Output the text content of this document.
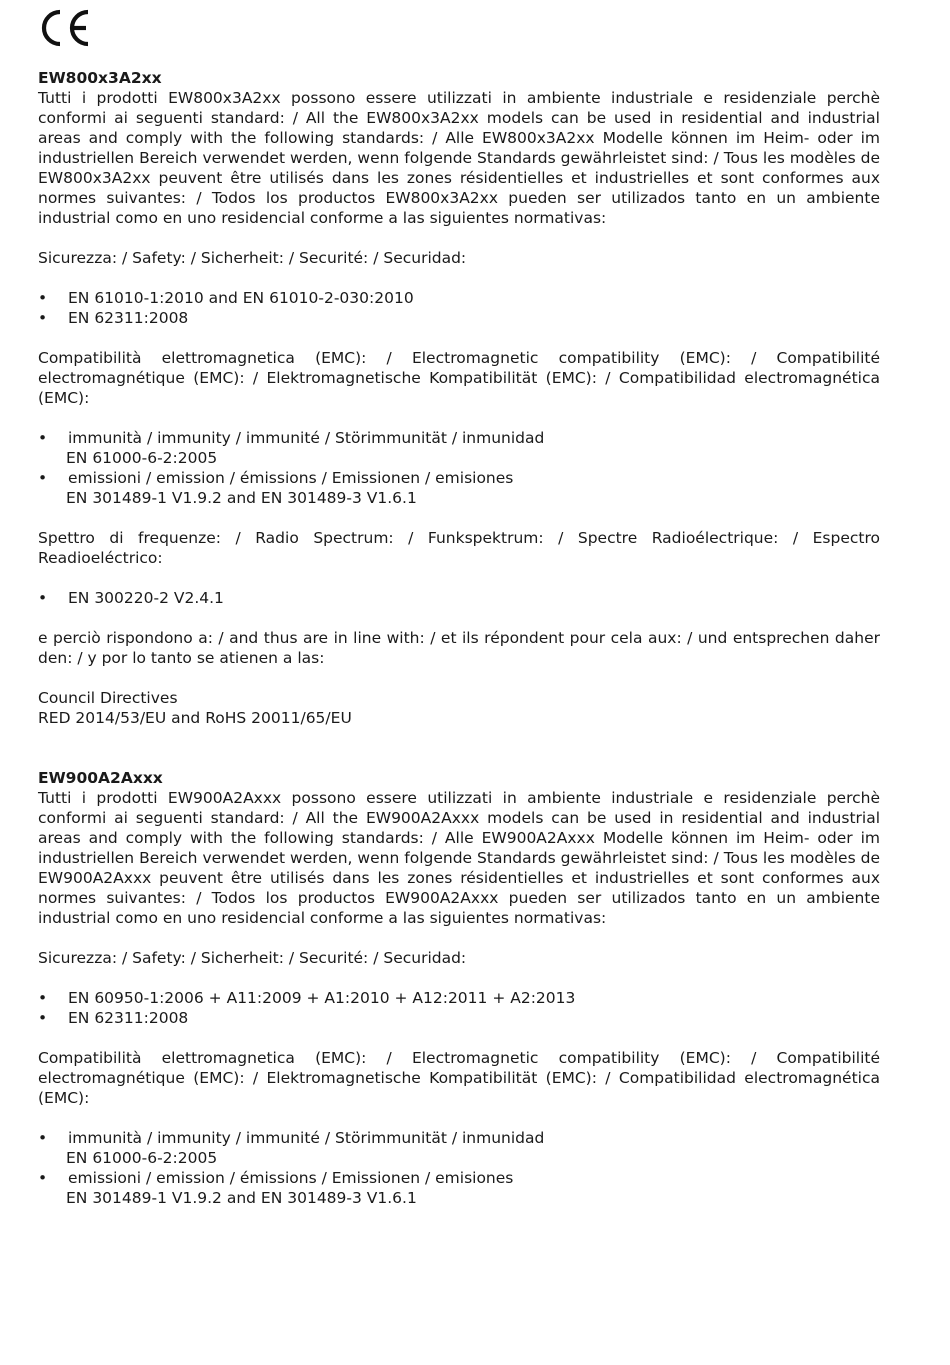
EW800x3A2xx

Tutti i prodotti EW800x3A2xx possono essere utilizzati in ambiente industriale e residenziale perchè conformi ai seguenti standard: / All the EW800x3A2xx models can be used in residential and industrial areas and comply with the following standards: / Alle EW800x3A2xx Modelle können im Heim- oder im industriellen Bereich verwendet werden, wenn folgende Standards gewährleistet sind: / Tous les modèles de EW800x3A2xx peuvent être utilisés dans les zones résidentielles et industrielles et sont conformes aux normes suivantes: / Todos los productos EW800x3A2xx pueden ser utilizados tanto en un ambiente industrial como en uno residencial conforme a las siguientes normativas:

Sicurezza: / Safety: / Sicherheit: / Securité: / Securidad:

• EN 61010-1:2010 and EN 61010-2-030:2010
• EN 62311:2008

Compatibilità elettromagnetica (EMC): / Electromagnetic compatibility (EMC): / Compatibilité electromagnétique (EMC): / Elektromagnetische Kompatibilität (EMC): / Compatibilidad electromagnética (EMC):

• immunità / immunity / immunité / Störimmunität / inmunidad
EN 61000-6-2:2005
• emissioni / emission / émissions / Emissionen / emisiones
EN 301489-1 V1.9.2 and EN 301489-3 V1.6.1

Spettro di frequenze: / Radio Spectrum: / Funkspektrum: / Spectre Radioélectrique: / Espectro Readioeléctrico:

• EN 300220-2 V2.4.1

e perciò rispondono a: / and thus are in line with: / et ils répondent pour cela aux: / und entsprechen daher den: / y por lo tanto se atienen a las:

Council Directives

RED 2014/53/EU and RoHS 20011/65/EU

EW900A2Axxx

Tutti i prodotti EW900A2Axxx possono essere utilizzati in ambiente industriale e residenziale perchè conformi ai seguenti standard: / All the EW900A2Axxx models can be used in residential and industrial areas and comply with the following standards: / Alle EW900A2Axxx Modelle können im Heim- oder im industriellen Bereich verwendet werden, wenn folgende Standards gewährleistet sind: / Tous les modèles de EW900A2Axxx peuvent être utilisés dans les zones résidentielles et industrielles et sont conformes aux normes suivantes: / Todos los productos EW900A2Axxx pueden ser utilizados tanto en un ambiente industrial como en uno residencial conforme a las siguientes normativas:

Sicurezza: / Safety: / Sicherheit: / Securité: / Securidad:

• EN 60950-1:2006 + A11:2009 + A1:2010 + A12:2011 + A2:2013
• EN 62311:2008

Compatibilità elettromagnetica (EMC): / Electromagnetic compatibility (EMC): / Compatibilité electromagnétique (EMC): / Elektromagnetische Kompatibilität (EMC): / Compatibilidad electromagnética (EMC):

• immunità / immunity / immunité / Störimmunität / inmunidad
EN 61000-6-2:2005
• emissioni / emission / émissions / Emissionen / emisiones
EN 301489-1 V1.9.2 and EN 301489-3 V1.6.1
